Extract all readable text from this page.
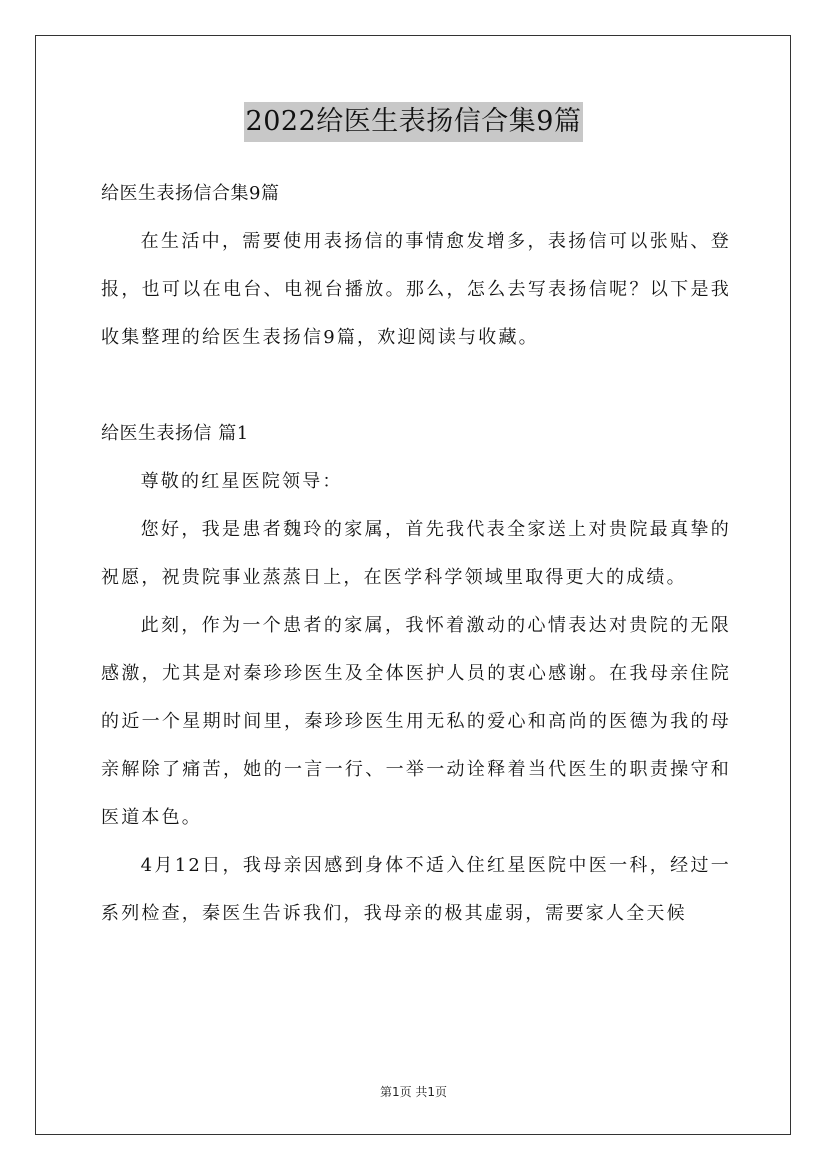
2022给医生表扬信合集9篇

给医生表扬信合集9篇

在生活中，需要使用表扬信的事情愈发增多，表扬信可以张贴、登报，也可以在电台、电视台播放。那么，怎么去写表扬信呢？以下是我收集整理的给医生表扬信9篇，欢迎阅读与收藏。

给医生表扬信 篇1

尊敬的红星医院领导：

您好，我是患者魏玲的家属，首先我代表全家送上对贵院最真挚的祝愿，祝贵院事业蒸蒸日上，在医学科学领域里取得更大的成绩。

此刻，作为一个患者的家属，我怀着激动的心情表达对贵院的无限感激，尤其是对秦珍珍医生及全体医护人员的衷心感谢。在我母亲住院的近一个星期时间里，秦珍珍医生用无私的爱心和高尚的医德为我的母亲解除了痛苦，她的一言一行、一举一动诠释着当代医生的职责操守和医道本色。

4月12日，我母亲因感到身体不适入住红星医院中医一科，经过一系列检查，秦医生告诉我们，我母亲的极其虚弱，需要家人全天候

第1页 共1页
